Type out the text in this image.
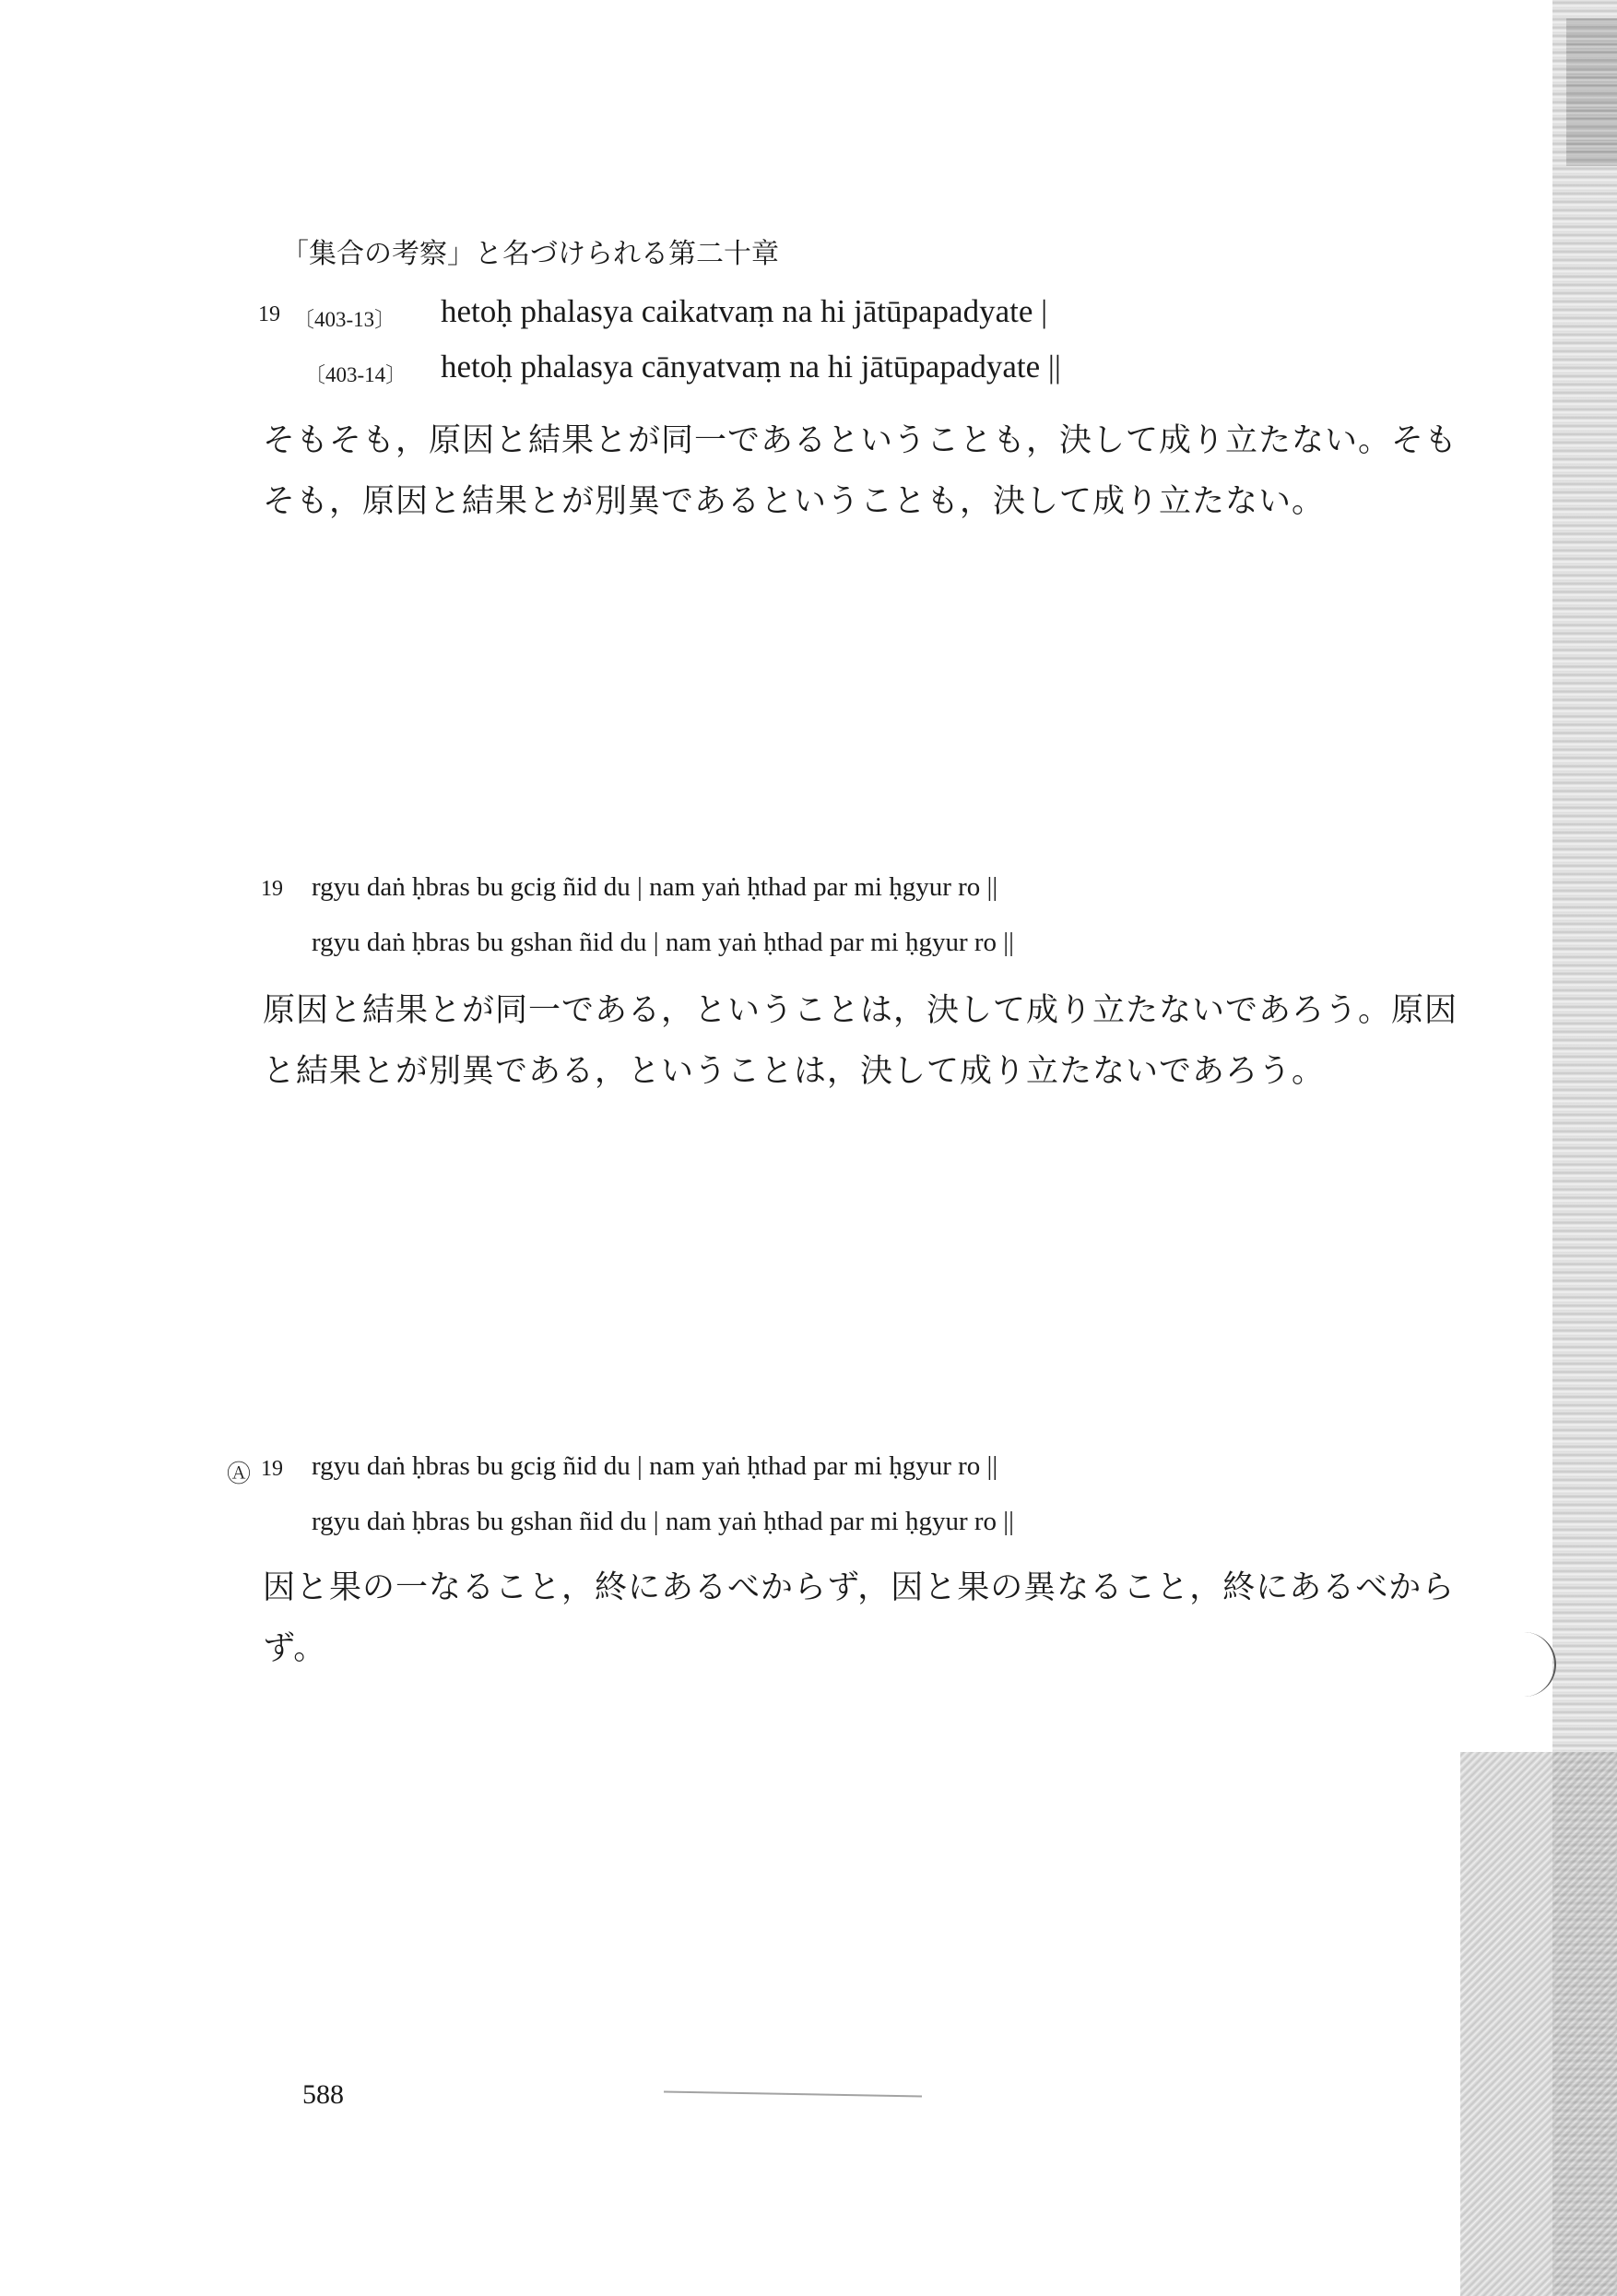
「集合の考察」と名づけられる第二十章
19 〔403-13〕 hetoḥ phalasya caikatvaṃ na hi jātūpapadyate |
〔403-14〕 hetoḥ phalasya cānyatvaṃ na hi jātūpapadyate ||
そもそも，原因と結果とが同一であるということも，決して成り立たない。そも
そも，原因と結果とが別異であるということも，決して成り立たない。
19 rgyu daṅ ḥbras bu gcig ñid du | nam yaṅ ḥthad par mi ḥgyur ro ||
rgyu daṅ ḥbras bu gshan ñid du | nam yaṅ ḥthad par mi ḥgyur ro ||
原因と結果とが同一である，ということは，決して成り立たないであろう。原因
と結果とが別異である，ということは，決して成り立たないであろう。
Ⓐ 19 rgyu daṅ ḥbras bu gcig ñid du | nam yaṅ ḥthad par mi ḥgyur ro ||
rgyu daṅ ḥbras bu gshan ñid du | nam yaṅ ḥthad par mi ḥgyur ro ||
因と果の一なること，終にあるべからず，因と果の異なること，終にあるべから
ず。
588
